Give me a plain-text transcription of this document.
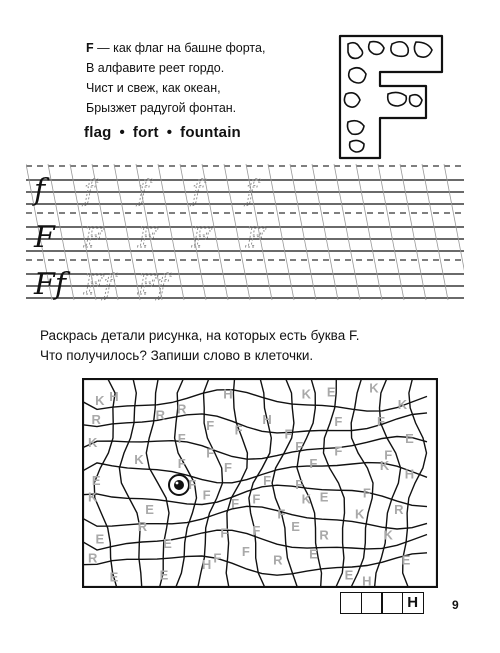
F — как флаг на башне форта,
В алфавите реет гордо.
Чист и свеж, как океан,
Брызжет радугой фонтан.
flag • fort • fountain
f f f f f
F F F F F
Ff Ff Ff
Раскрась детали рисунка, на которых есть буква F.
Что получилось? Запиши слово в клеточки.
H
K	H
R R
K E	K
K
R	F F
H
F
F	F
K	F
F	F
E
K	F	F	F
F
K
F
E	F	F F
H
K	F
F F	K E	F
E	F	K R
R	F F E
E	E
F F
R	K
R	H	R E	E
E	E	E H
H	9
